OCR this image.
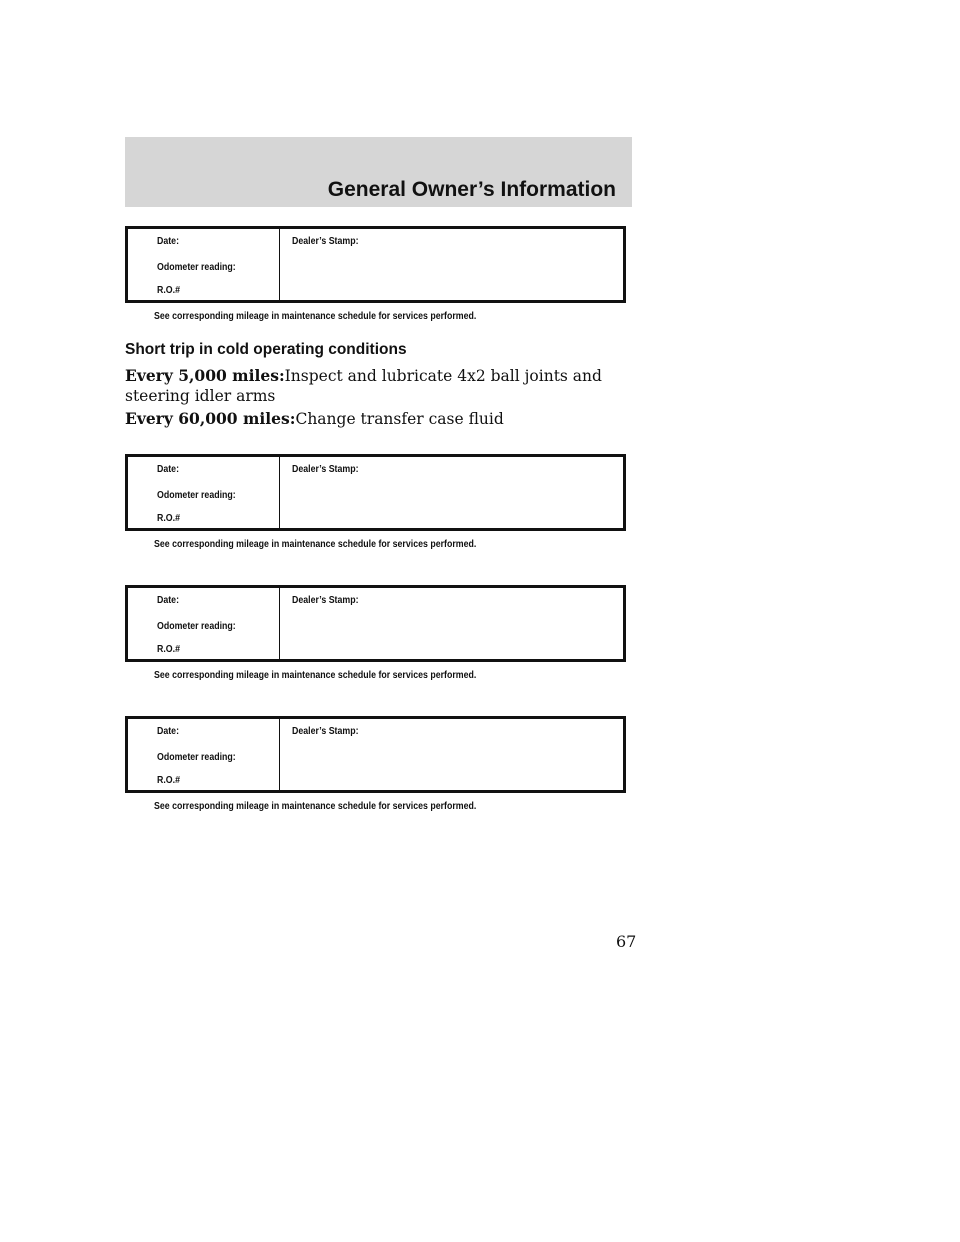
General Owner’s Information
Date:
Odometer reading:
R.O.#
Dealer’s Stamp:
See corresponding mileage in maintenance schedule for services performed.
Short trip in cold operating conditions
Every 5,000 miles:Inspect and lubricate 4x2 ball joints and steering idler arms
Every 60,000 miles:Change transfer case fluid
Date:
Odometer reading:
R.O.#
Dealer’s Stamp:
See corresponding mileage in maintenance schedule for services performed.
Date:
Odometer reading:
R.O.#
Dealer’s Stamp:
See corresponding mileage in maintenance schedule for services performed.
Date:
Odometer reading:
R.O.#
Dealer’s Stamp:
See corresponding mileage in maintenance schedule for services performed.
67
